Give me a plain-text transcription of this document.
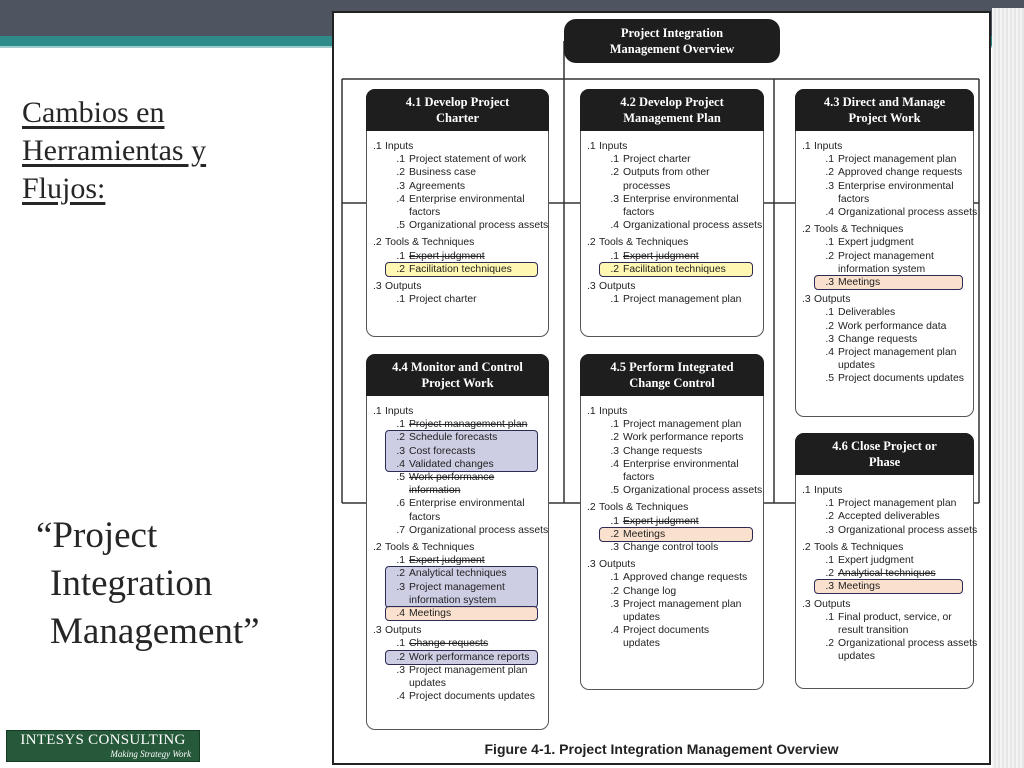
Cambios en
Herramientas y
Flujos:
“Project
Integration
Management”
INTESYS CONSULTING
Making Strategy Work
Project Integration
Management Overview
4.1 Develop Project
Charter
.1 Inputs
.1 Project statement of work
.2 Business case
.3 Agreements
.4 Enterprise environmental
factors
.5 Organizational process assets
.2 Tools & Techniques
.1 Expert judgment
.2 Facilitation techniques
.3 Outputs
.1 Project charter
4.2 Develop Project
Management Plan
.1 Inputs
.1 Project charter
.2 Outputs from other
processes
.3 Enterprise environmental
factors
.4 Organizational process assets
.2 Tools & Techniques
.1 Expert judgment
.2 Facilitation techniques
.3 Outputs
.1 Project management plan
4.3 Direct and Manage
Project Work
.1 Inputs
.1 Project management plan
.2 Approved change requests
.3 Enterprise environmental
factors
.4 Organizational process assets
.2 Tools & Techniques
.1 Expert judgment
.2 Project management
information system
.3 Meetings
.3 Outputs
.1 Deliverables
.2 Work performance data
.3 Change requests
.4 Project management plan
updates
.5 Project documents updates
4.4 Monitor and Control
Project Work
.1 Inputs
.1 Project management plan
.2 Schedule forecasts
.3 Cost forecasts
.4 Validated changes
.5 Work performance
information
.6 Enterprise environmental
factors
.7 Organizational process assets
.2 Tools & Techniques
.1 Expert judgment
.2 Analytical techniques
.3 Project management
information system
.4 Meetings
.3 Outputs
.1 Change requests
.2 Work performance reports
.3 Project management plan
updates
.4 Project documents updates
4.5 Perform Integrated
Change Control
.1 Inputs
.1 Project management plan
.2 Work performance reports
.3 Change requests
.4 Enterprise environmental
factors
.5 Organizational process assets
.2 Tools & Techniques
.1 Expert judgment
.2 Meetings
.3 Change control tools
.3 Outputs
.1 Approved change requests
.2 Change log
.3 Project management plan
updates
.4 Project documents
updates
4.6 Close Project or
Phase
.1 Inputs
.1 Project management plan
.2 Accepted deliverables
.3 Organizational process assets
.2 Tools & Techniques
.1 Expert judgment
.2 Analytical techniques
.3 Meetings
.3 Outputs
.1 Final product, service, or
result transition
.2 Organizational process assets
updates
Figure 4-1. Project Integration Management Overview
